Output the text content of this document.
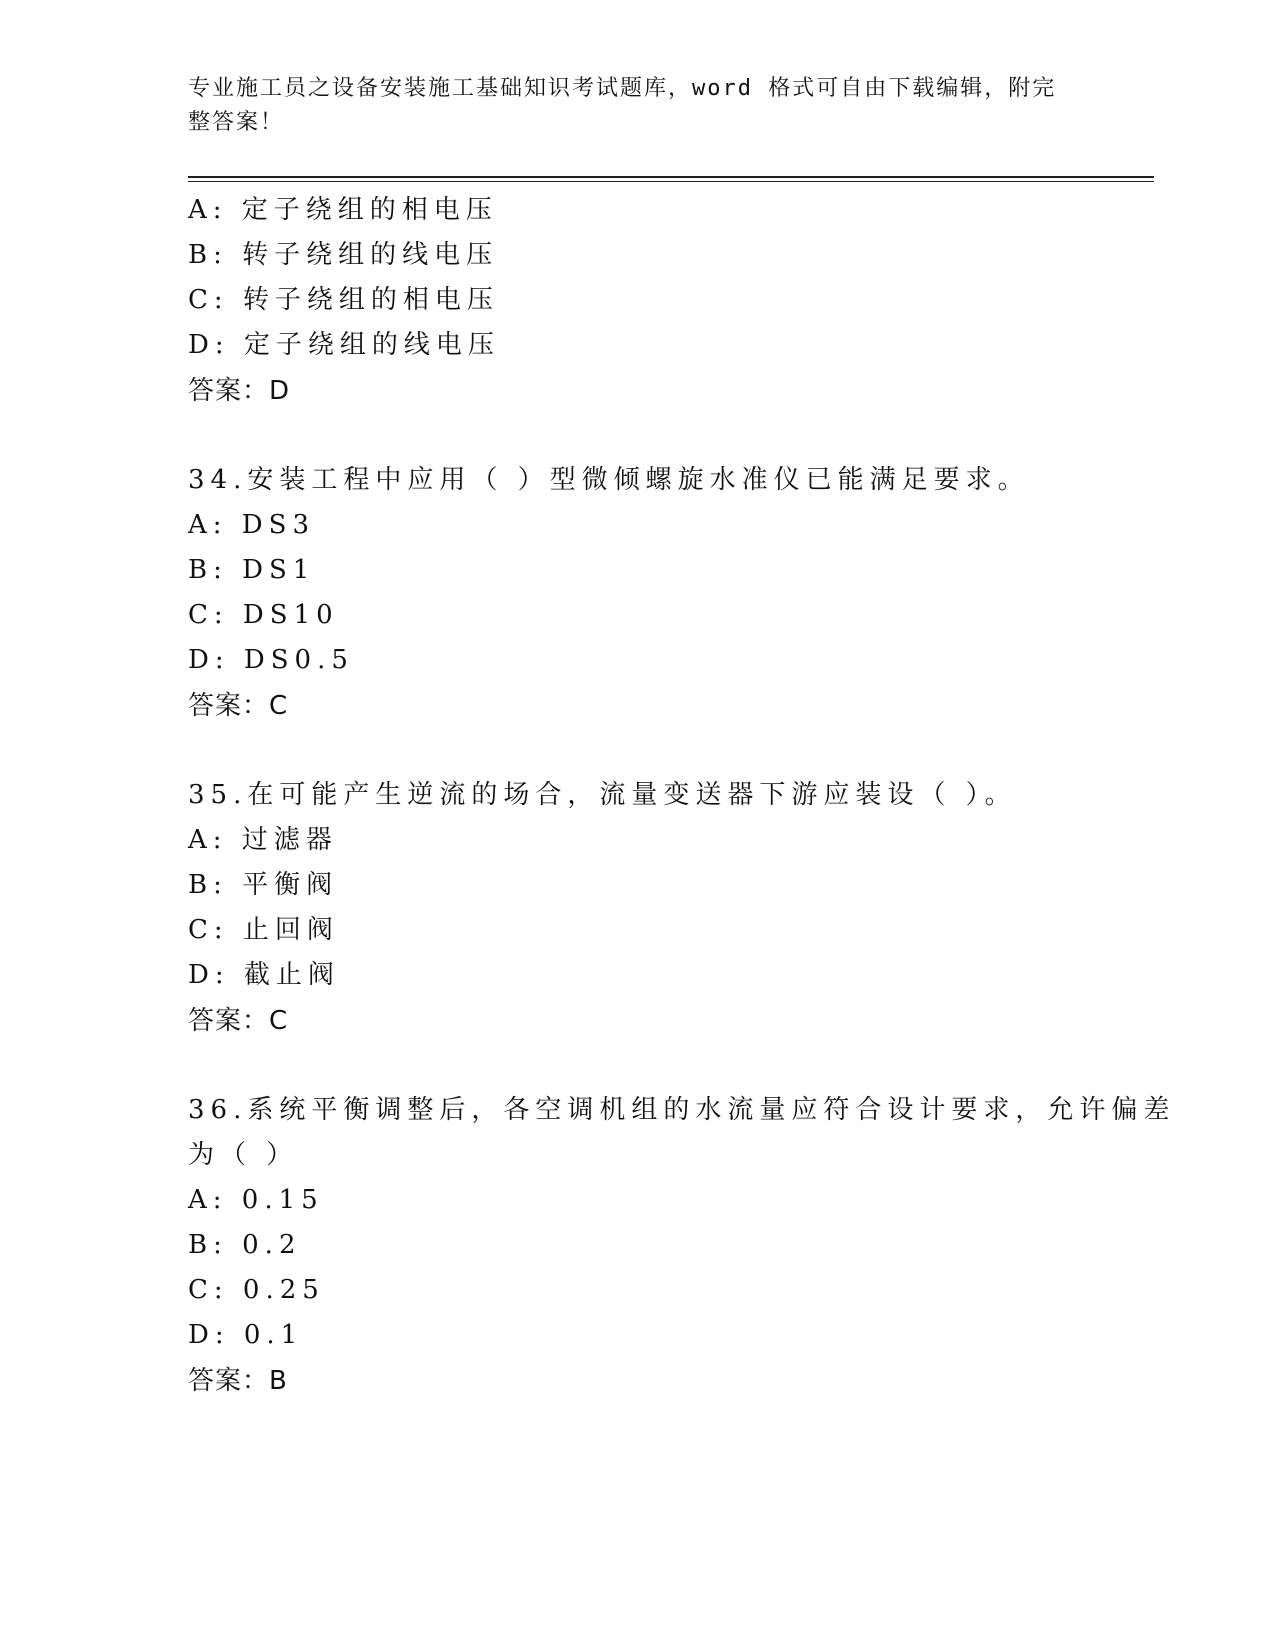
专业施工员之设备安装施工基础知识考试题库，word 格式可自由下载编辑，附完整答案！
A: 定子绕组的相电压
B: 转子绕组的线电压
C: 转子绕组的相电压
D: 定子绕组的线电压
答案：D
34.安装工程中应用（ ）型微倾螺旋水准仪已能满足要求。
A: DS3
B: DS1
C: DS10
D: DS0.5
答案：C
35.在可能产生逆流的场合，流量变送器下游应装设（ ）。
A: 过滤器
B: 平衡阀
C: 止回阀
D: 截止阀
答案：C
36.系统平衡调整后，各空调机组的水流量应符合设计要求，允许偏差
为（ ）
A: 0.15
B: 0.2
C: 0.25
D: 0.1
答案：B
